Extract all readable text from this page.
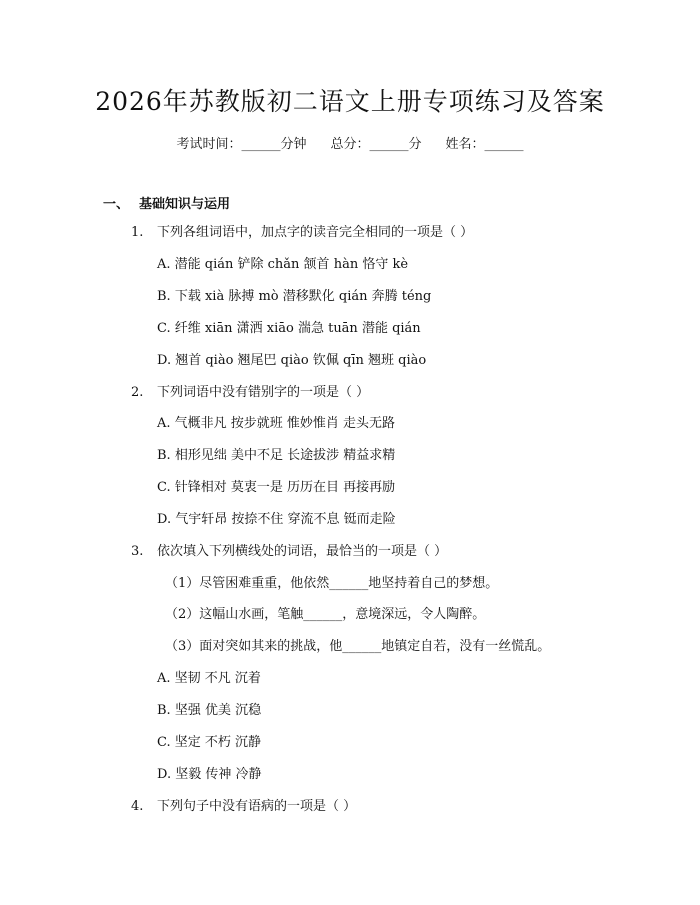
2026年苏教版初二语文上册专项练习及答案
考试时间：______分钟 总分：______分 姓名：______
一、 基础知识与运用
1. 下列各组词语中，加点字的读音完全相同的一项是（ ）
A. 潜能 qián 铲除 chǎn 颔首 hàn 恪守 kè
B. 下载 xià 脉搏 mò 潜移默化 qián 奔腾 téng
C. 纤维 xiān 潇洒 xiāo 湍急 tuān 潜能 qián
D. 翘首 qiào 翘尾巴 qiào 钦佩 qīn 翘班 qiào
2. 下列词语中没有错别字的一项是（ ）
A. 气概非凡 按步就班 惟妙惟肖 走头无路
B. 相形见绌 美中不足 长途拔涉 精益求精
C. 针锋相对 莫衷一是 历历在目 再接再励
D. 气宇轩昂 按捺不住 穿流不息 铤而走险
3. 依次填入下列横线处的词语，最恰当的一项是（ ）
（1）尽管困难重重，他依然______地坚持着自己的梦想。
（2）这幅山水画，笔触______，意境深远，令人陶醉。
（3）面对突如其来的挑战，他______地镇定自若，没有一丝慌乱。
A. 坚韧 不凡 沉着
B. 坚强 优美 沉稳
C. 坚定 不朽 沉静
D. 坚毅 传神 冷静
4. 下列句子中没有语病的一项是（ ）
